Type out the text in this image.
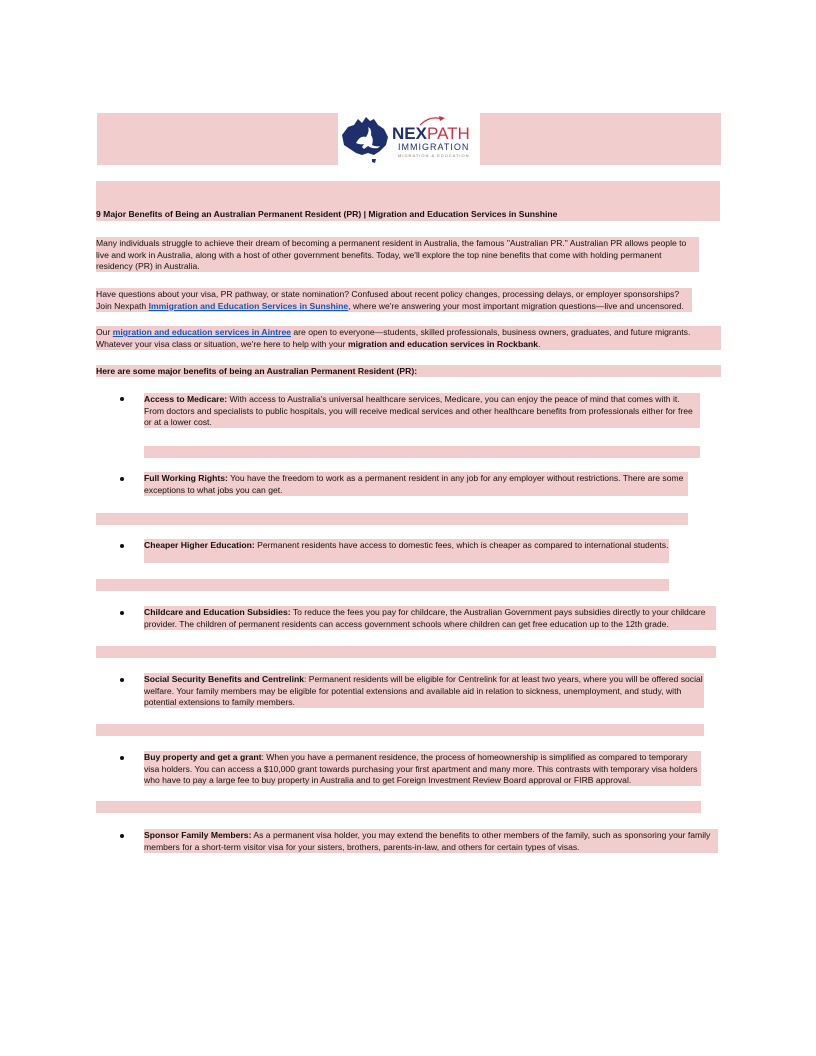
NEX PATH
IMMIGRATION
MIGRATION & EDUCATION
9 Major Benefits of Being an Australian Permanent Resident (PR) | Migration and Education Services in Sunshine
Many individuals struggle to achieve their dream of becoming a permanent resident in Australia, the famous "Australian PR." Australian PR allows people to live and work in Australia, along with a host of other government benefits. Today, we'll explore the top nine benefits that come with holding permanent residency (PR) in Australia.
Have questions about your visa, PR pathway, or state nomination? Confused about recent policy changes, processing delays, or employer sponsorships? Join Nexpath Immigration and Education Services in Sunshine, where we're answering your most important migration questions—live and uncensored.
Our migration and education services in Aintree are open to everyone—students, skilled professionals, business owners, graduates, and future migrants. Whatever your visa class or situation, we're here to help with your migration and education services in Rockbank.
Here are some major benefits of being an Australian Permanent Resident (PR):
Access to Medicare: With access to Australia's universal healthcare services, Medicare, you can enjoy the peace of mind that comes with it. From doctors and specialists to public hospitals, you will receive medical services and other healthcare benefits from professionals either for free or at a lower cost.
Full Working Rights: You have the freedom to work as a permanent resident in any job for any employer without restrictions. There are some exceptions to what jobs you can get.
Cheaper Higher Education: Permanent residents have access to domestic fees, which is cheaper as compared to international students.
Childcare and Education Subsidies: To reduce the fees you pay for childcare, the Australian Government pays subsidies directly to your childcare provider. The children of permanent residents can access government schools where children can get free education up to the 12th grade.
Social Security Benefits and Centrelink: Permanent residents will be eligible for Centrelink for at least two years, where you will be offered social welfare. Your family members may be eligible for potential extensions and available aid in relation to sickness, unemployment, and study, with potential extensions to family members.
Buy property and get a grant: When you have a permanent residence, the process of homeownership is simplified as compared to temporary visa holders. You can access a $10,000 grant towards purchasing your first apartment and many more. This contrasts with temporary visa holders who have to pay a large fee to buy property in Australia and to get Foreign Investment Review Board approval or FIRB approval.
Sponsor Family Members: As a permanent visa holder, you may extend the benefits to other members of the family, such as sponsoring your family members for a short-term visitor visa for your sisters, brothers, parents-in-law, and others for certain types of visas.
